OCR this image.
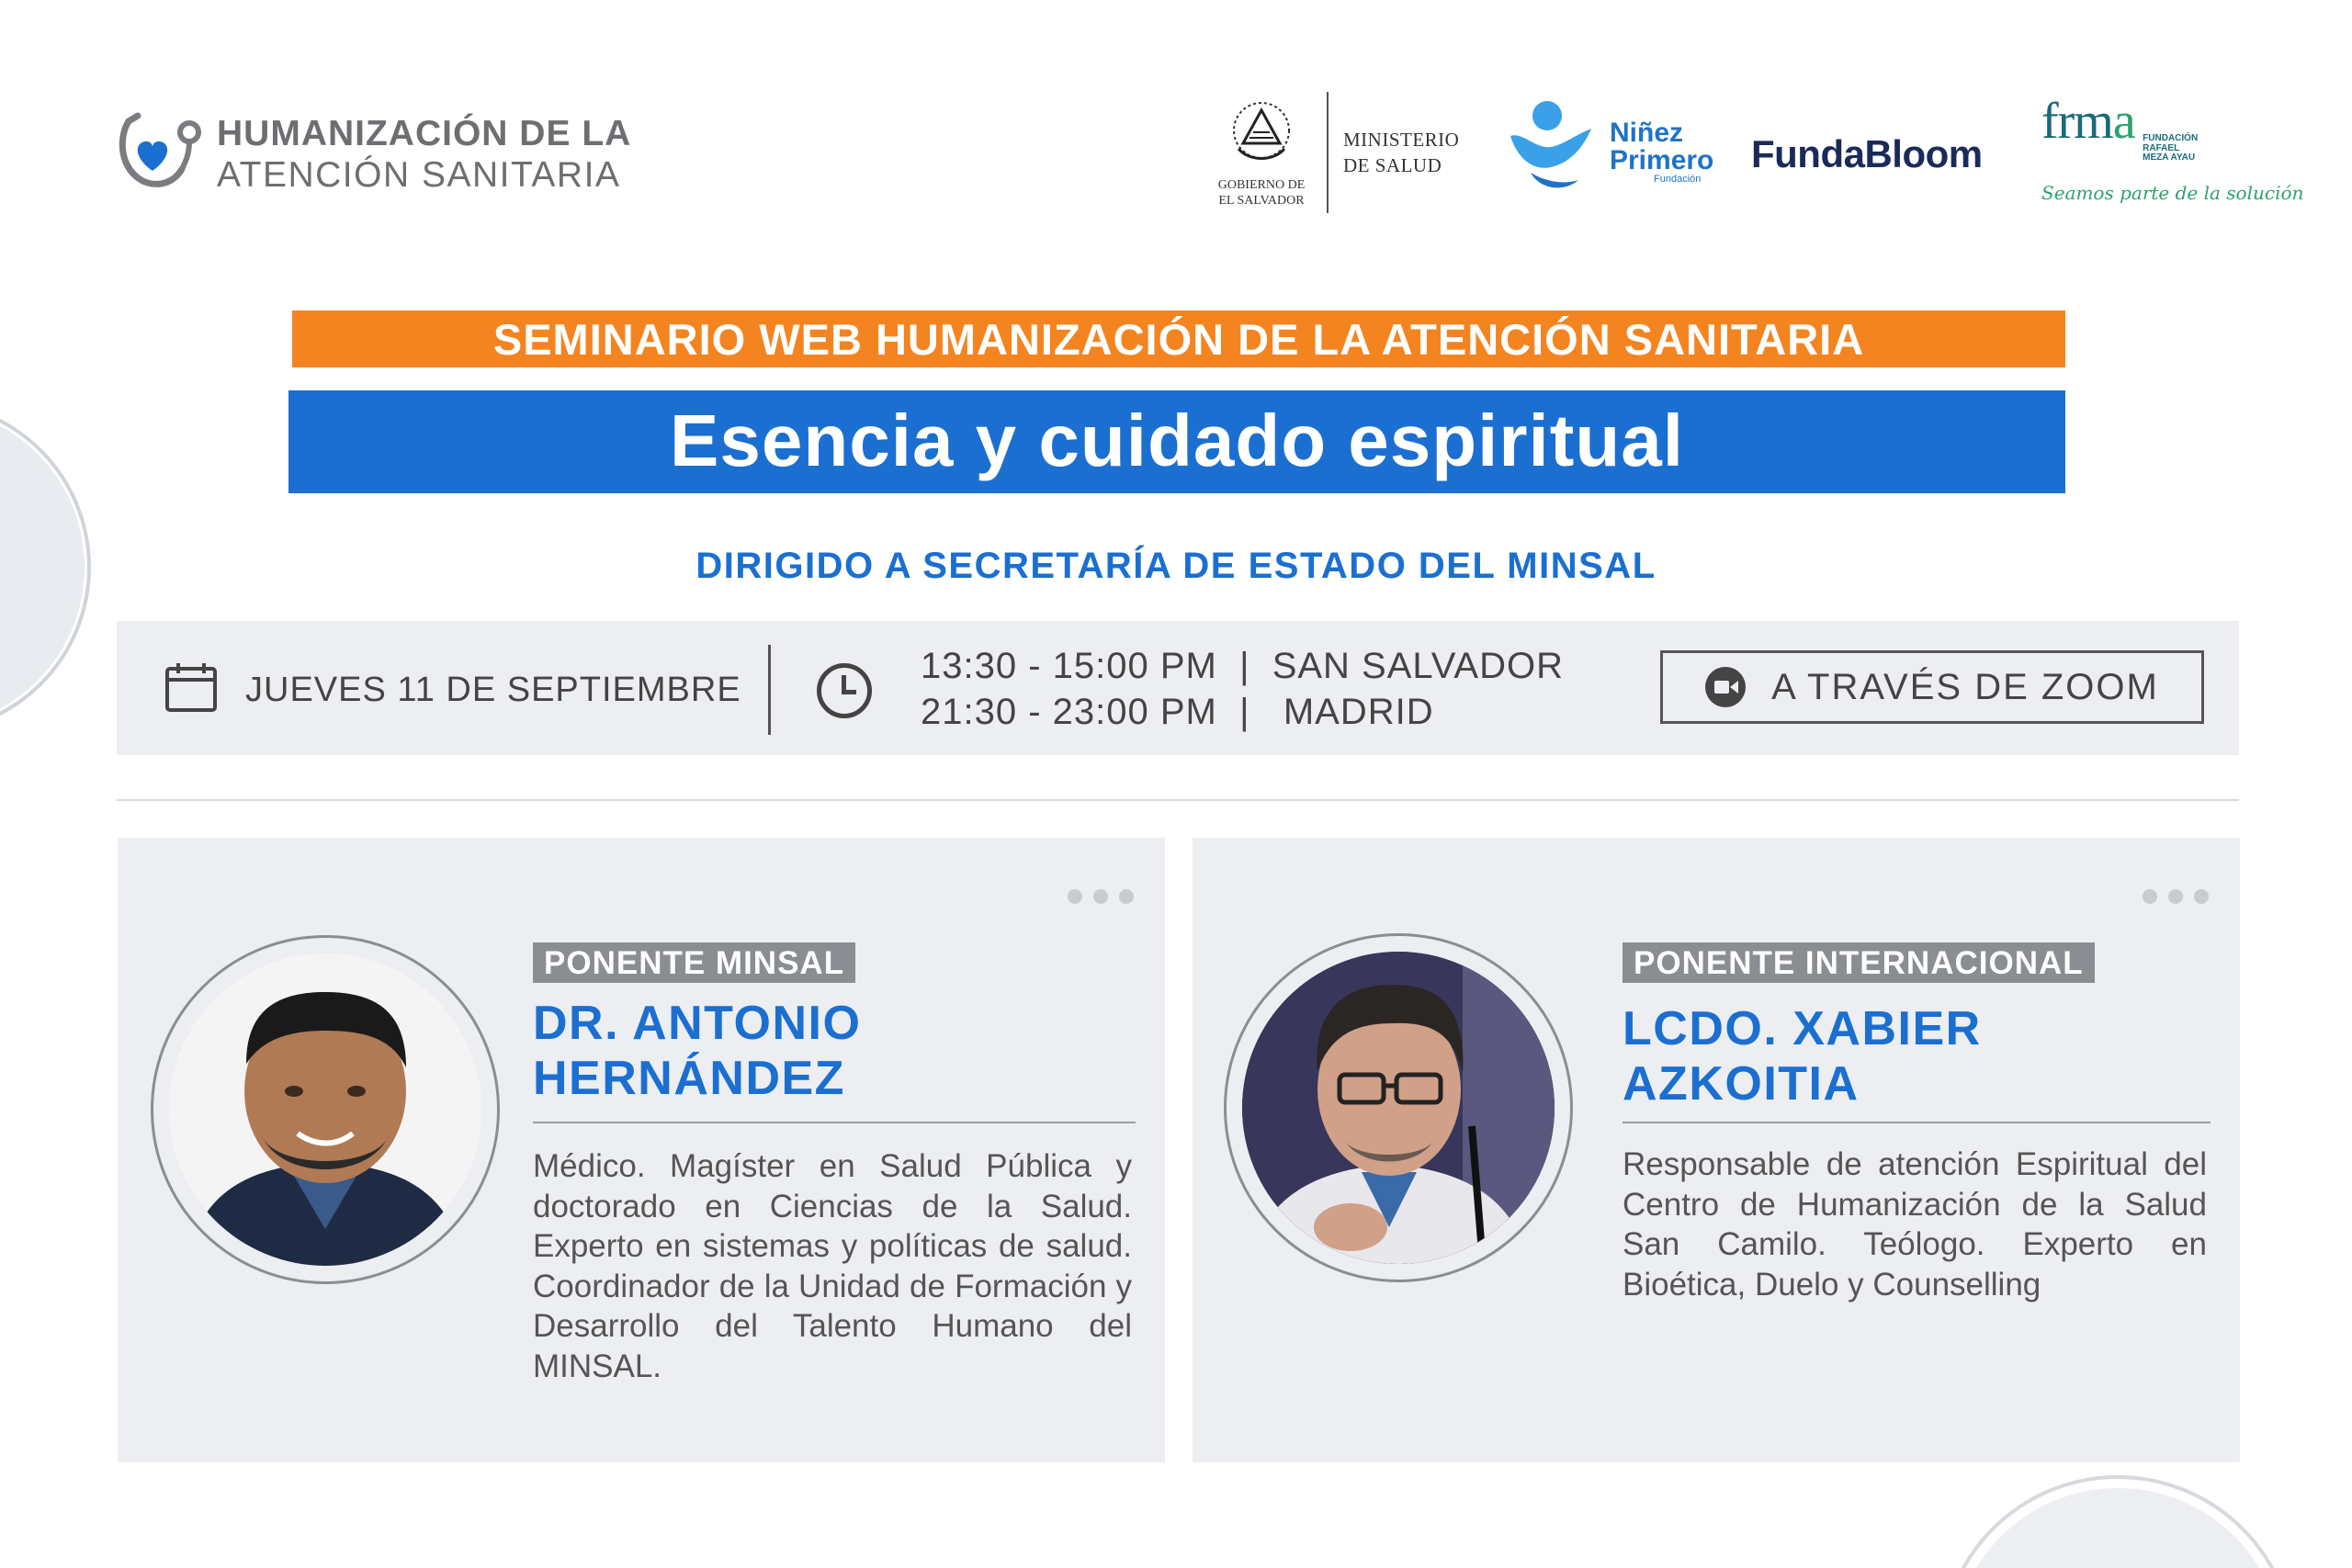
HUMANIZACIÓN DE LA
ATENCIÓN SANITARIA	GOBIERNO DE
EL SALVADOR
MINISTERIO
DE SALUD
Niñez
Primero
Fundación
FundaBloom
frma FUNDACIÓN
RAFAEL
MEZA AYAU
Seamos parte de la solución
SEMINARIO WEB HUMANIZACIÓN DE LA ATENCIÓN SANITARIA
Esencia y cuidado espiritual
DIRIGIDO A SECRETARÍA DE ESTADO DEL MINSAL
JUEVES 11 DE SEPTIEMBRE
13:30 - 15:00 PM  |  SAN SALVADOR
21:30 - 23:00 PM  |   MADRID
A TRAVÉS DE ZOOM
PONENTE MINSAL
DR. ANTONIO
HERNÁNDEZ
Médico. Magíster en Salud Pública y doctorado en Ciencias de la Salud. Experto en sistemas y políticas de salud. Coordinador de la Unidad de Formación y Desarrollo del Talento Humano del MINSAL.
PONENTE INTERNACIONAL
LCDO. XABIER
AZKOITIA
Responsable de atención Espiritual del Centro de Humanización de la Salud San Camilo. Teólogo. Experto en Bioética, Duelo y Counselling
